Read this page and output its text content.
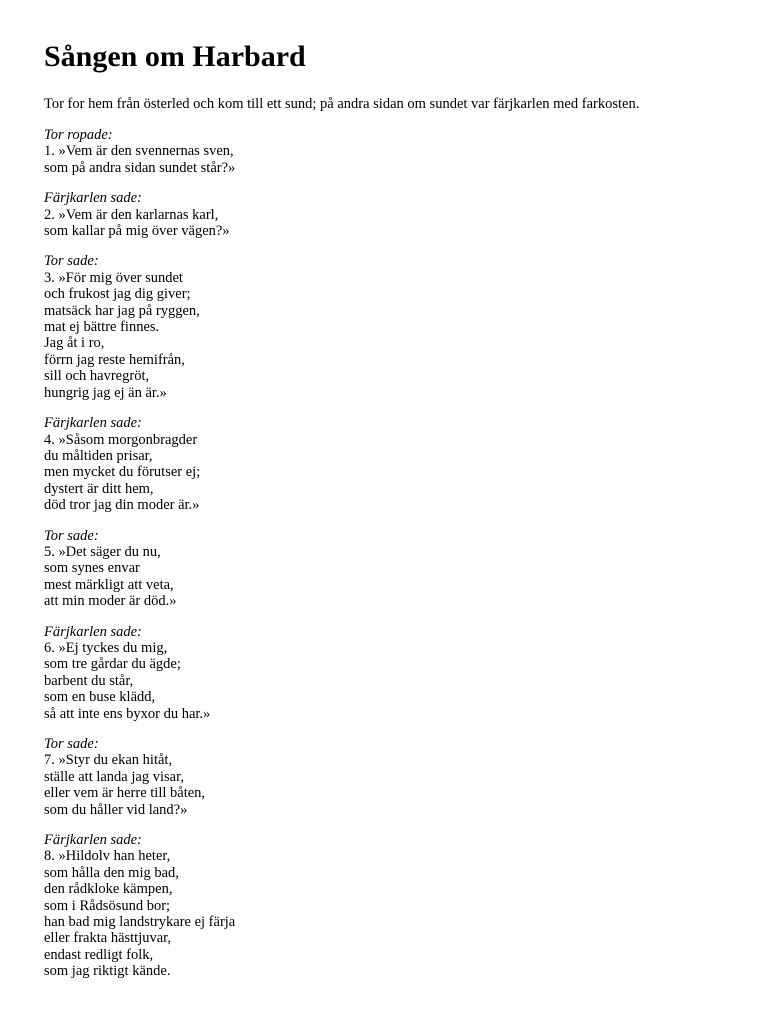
Sången om Harbard

Tor for hem från österled och kom till ett sund; på andra sidan om sundet var färjkarlen med farkosten.

Tor ropade:
1. »Vem är den svennernas sven,
som på andra sidan sundet står?»
Färjkarlen sade:
2. »Vem är den karlarnas karl,
som kallar på mig över vägen?»
Tor sade:
3. »För mig över sundet
och frukost jag dig giver;
matsäck har jag på ryggen,
mat ej bättre finnes.
Jag åt i ro,
förrn jag reste hemifrån,
sill och havregröt,
hungrig jag ej än är.»
Färjkarlen sade:
4. »Såsom morgonbragder
du måltiden prisar,
men mycket du förutser ej;
dystert är ditt hem,
död tror jag din moder är.»
Tor sade:
5. »Det säger du nu,
som synes envar
mest märkligt att veta,
att min moder är död.»
Färjkarlen sade:
6. »Ej tyckes du mig,
som tre gårdar du ägde;
barbent du står,
som en buse klädd,
så att inte ens byxor du har.»
Tor sade:
7. »Styr du ekan hitåt,
ställe att landa jag visar,
eller vem är herre till båten,
som du håller vid land?»
Färjkarlen sade:
8. »Hildolv han heter,
som hålla den mig bad,
den rådkloke kämpen,
som i Rådsösund bor;
han bad mig landstrykare ej färja
eller frakta hästtjuvar,
endast redligt folk,
som jag riktigt kände.
